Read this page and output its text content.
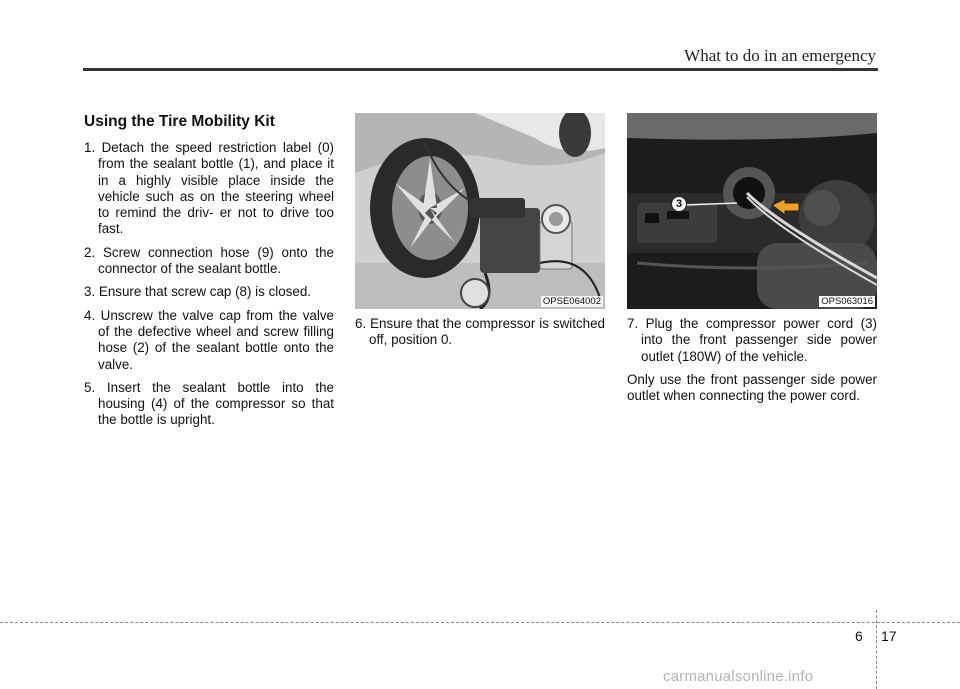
What to do in an emergency
Using the Tire Mobility Kit
1. Detach the speed restriction label (0) from the sealant bottle (1), and place it in a highly visible place inside the vehicle such as on the steering wheel to remind the driv- er not to drive too fast.
2. Screw connection hose (9) onto the connector of the sealant bottle.
3. Ensure that screw cap (8) is closed.
4. Unscrew the valve cap from the valve of the defective wheel and screw filling hose (2) of the sealant bottle onto the valve.
5. Insert the sealant bottle into the housing (4) of the compressor so that the bottle is upright.
OPSE064002
3
OPS063016
6. Ensure that the compressor is switched off, position 0.
7. Plug the compressor power cord (3) into the front passenger side power outlet (180W) of the vehicle.
Only use the front passenger side power outlet when connecting the power cord.
6 17
carmanualsonline.info
